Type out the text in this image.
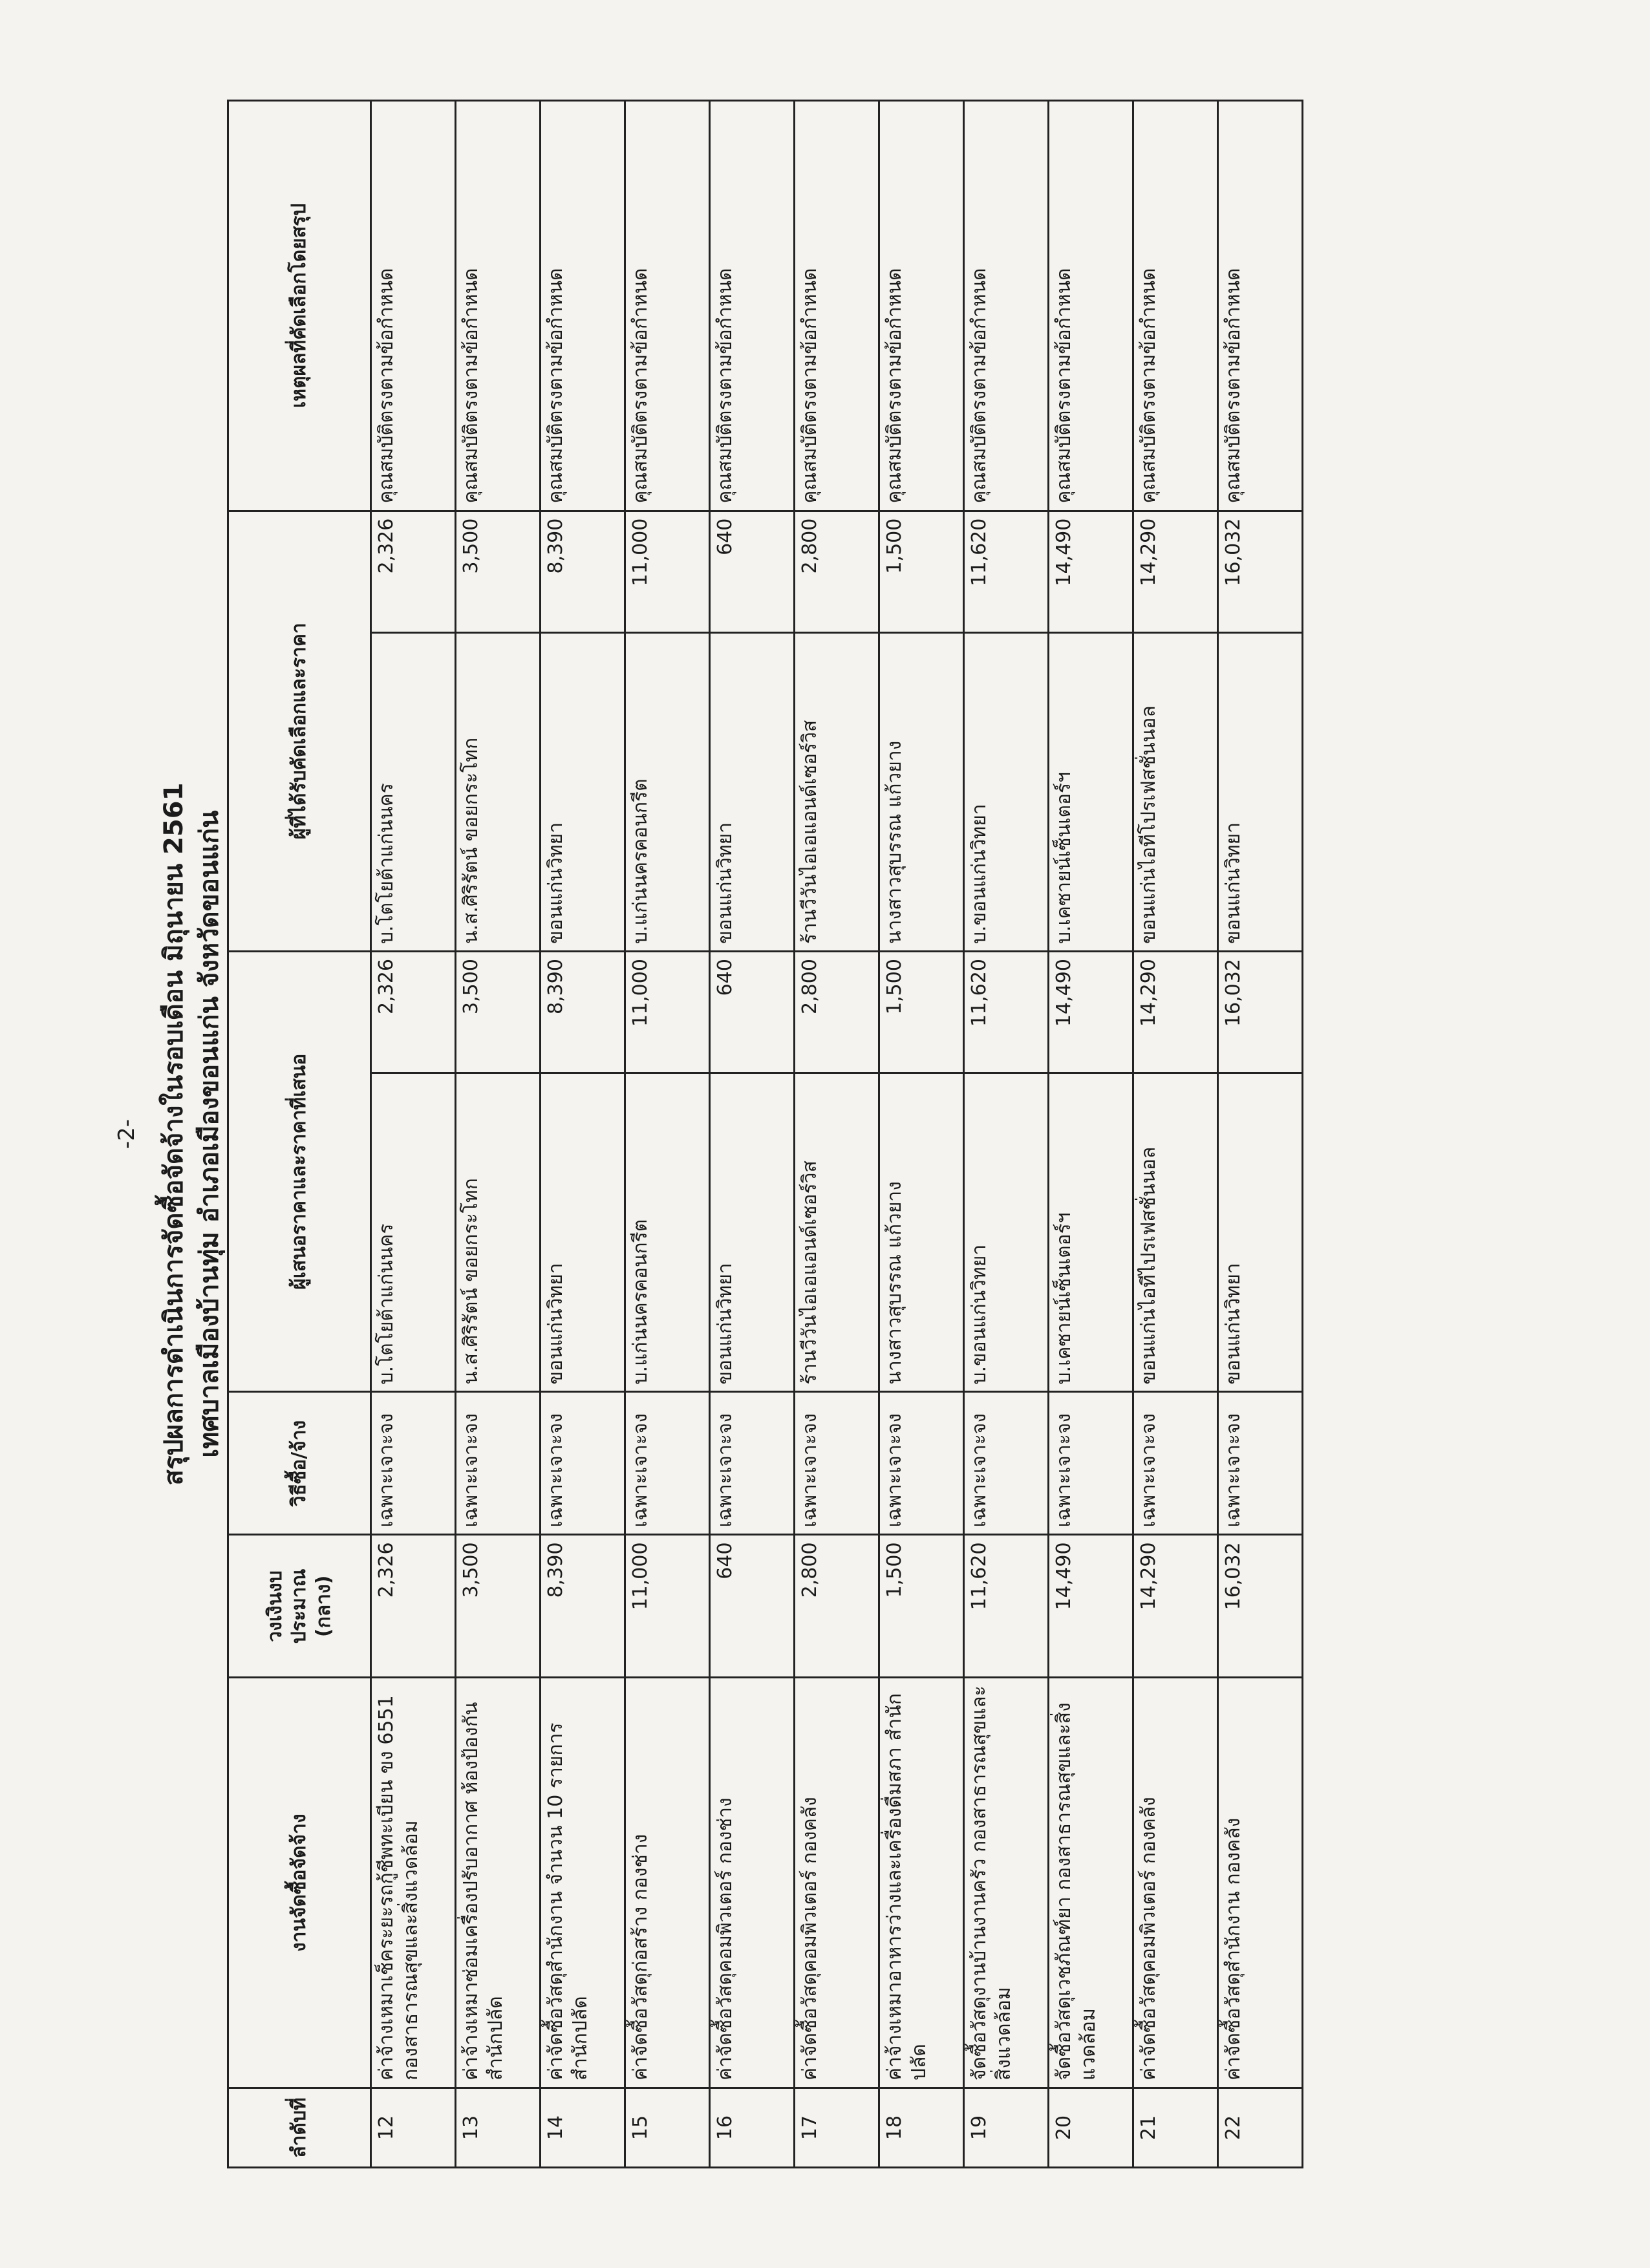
-2- สรุปผลการดำเนินการจัดซื้อจัดจ้างในรอบเดือน มิถุนายน 2561 เทศบาลเมืองบ้านทุ่ม อำเภอเมืองขอนแก่น จังหวัดขอนแก่น
ลำดับที่	งานจัดซื้อจัดจ้าง	วงเงินงบประมาณ (กลาง)	วิธีซื้อ/จ้าง	ผู้เสนอราคาและราคาที่เสนอ		ผู้ที่ได้รับคัดเลือกและราคา		เหตุผลที่คัดเลือกโดยสรุป
12	ค่าจ้างเหมาเช็คระยะรถกู้ชีพทะเบียน ขง 6551 กองสาธารณสุขและสิ่งแวดล้อม	2,326	เฉพาะเจาะจง	บ.โตโยต้าแก่นนคร	2,326	บ.โตโยต้าแก่นนคร	2,326	คุณสมบัติตรงตามข้อกำหนด
13	ค่าจ้างเหมาซ่อมเครื่องปรับอากาศ ห้องป้องกัน สำนักปลัด	3,500	เฉพาะเจาะจง	น.ส.ศิริรัตน์ ขอยกระโทก	3,500	น.ส.ศิริรัตน์ ขอยกระโทก	3,500	คุณสมบัติตรงตามข้อกำหนด
14	ค่าจัดซื้อวัสดุสำนักงาน จำนวน 10 รายการ สำนักปลัด	8,390	เฉพาะเจาะจง	ขอนแก่นวิทยา	8,390	ขอนแก่นวิทยา	8,390	คุณสมบัติตรงตามข้อกำหนด
15	ค่าจัดซื้อวัสดุก่อสร้าง กองช่าง	11,000	เฉพาะเจาะจง	บ.แก่นนครคอนกรีต	11,000	บ.แก่นนครคอนกรีต	11,000	คุณสมบัติตรงตามข้อกำหนด
16	ค่าจัดซื้อวัสดุคอมพิวเตอร์ กองช่าง	640	เฉพาะเจาะจง	ขอนแก่นวิทยา	640	ขอนแก่นวิทยา	640	คุณสมบัติตรงตามข้อกำหนด
17	ค่าจัดซื้อวัสดุคอมพิวเตอร์ กองคลัง	2,800	เฉพาะเจาะจง	ร้านวีวันไอเอแอนด์เซอร์วิส	2,800	ร้านวีวันไอเอแอนด์เซอร์วิส	2,800	คุณสมบัติตรงตามข้อกำหนด
18	ค่าจ้างเหมาอาหารว่างและเครื่องดื่มสภา สำนักปลัด	1,500	เฉพาะเจาะจง	นางสาวสุบรรณ แก้วยาง	1,500	นางสาวสุบรรณ แก้วยาง	1,500	คุณสมบัติตรงตามข้อกำหนด
19	จัดซื้อวัสดุงานบ้านงานครัว กองสาธารณสุขและสิ่งแวดล้อม	11,620	เฉพาะเจาะจง	บ.ขอนแก่นวิทยา	11,620	บ.ขอนแก่นวิทยา	11,620	คุณสมบัติตรงตามข้อกำหนด
20	จัดซื้อวัสดุเวชภัณฑ์ยา กองสาธารณสุขและสิ่งแวดล้อม	14,490	เฉพาะเจาะจง	บ.เคซายน์เซ็นเตอร์ฯ	14,490	บ.เคซายน์เซ็นเตอร์ฯ	14,490	คุณสมบัติตรงตามข้อกำหนด
21	ค่าจัดซื้อวัสดุคอมพิวเตอร์ กองคลัง	14,290	เฉพาะเจาะจง	ขอนแก่นไอทีไปรเฟสชั่นนอล	14,290	ขอนแก่นไอทีโปรเฟสชั่นนอล	14,290	คุณสมบัติตรงตามข้อกำหนด
22	ค่าจัดซื้อวัสดุสำนักงาน กองคลัง	16,032	เฉพาะเจาะจง	ขอนแก่นวิทยา	16,032	ขอนแก่นวิทยา	16,032	คุณสมบัติตรงตามข้อกำหนด
